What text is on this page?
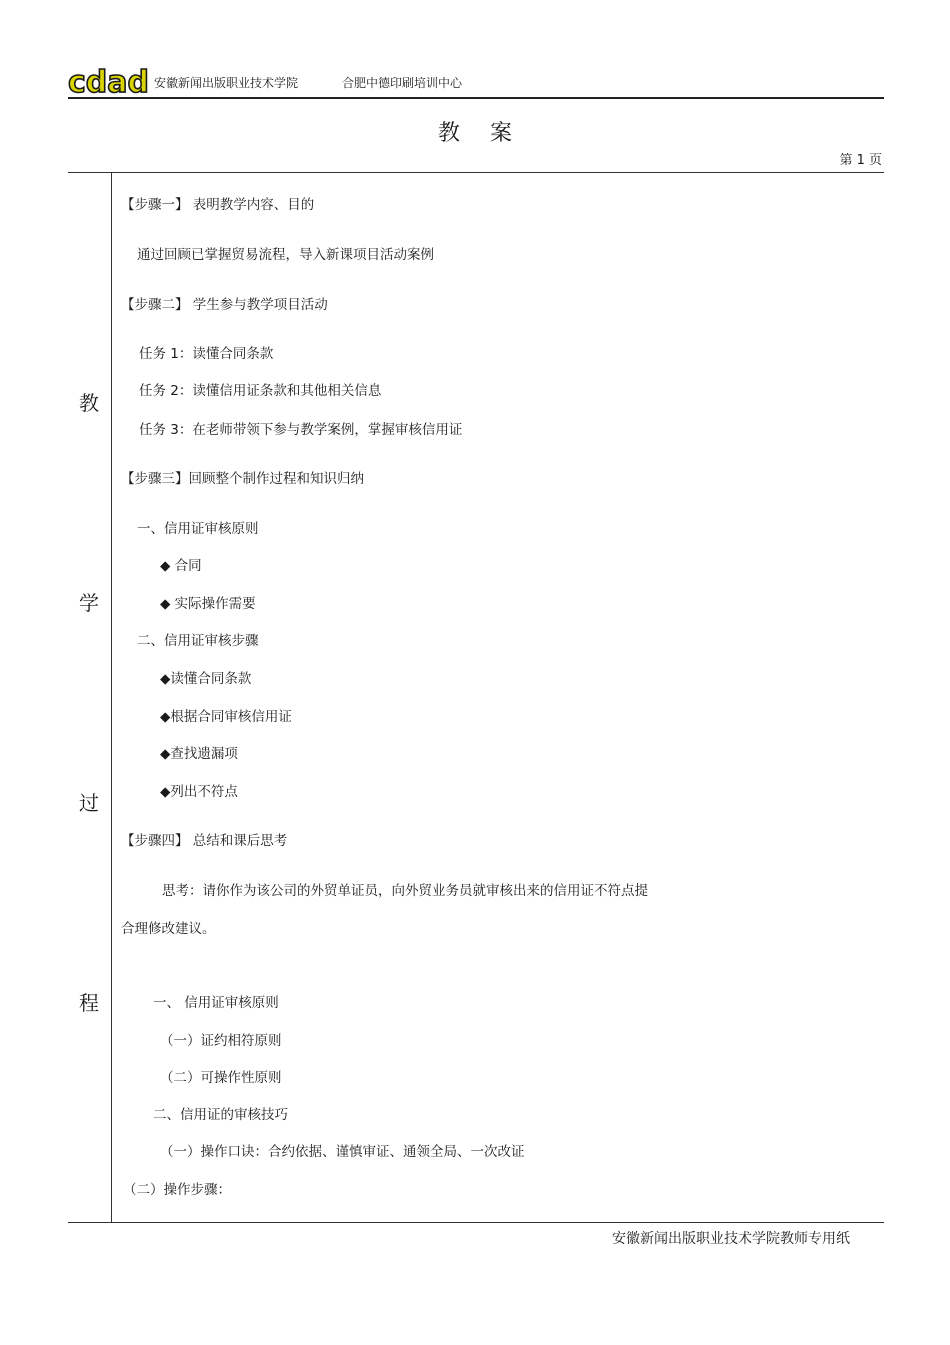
cdad 安徽新闻出版职业技术学院	合肥中德印刷培训中心
教案
第 1 页
教
学
过
程
【步骤一】 表明教学内容、目的
通过回顾已掌握贸易流程，导入新课项目活动案例
【步骤二】 学生参与教学项目活动
任务 1：读懂合同条款
任务 2：读懂信用证条款和其他相关信息
任务 3：在老师带领下参与教学案例，掌握审核信用证
【步骤三】回顾整个制作过程和知识归纳
一、信用证审核原则
◆ 合同
◆ 实际操作需要
二、信用证审核步骤
◆读懂合同条款
◆根据合同审核信用证
◆查找遗漏项
◆列出不符点
【步骤四】 总结和课后思考
思考：请你作为该公司的外贸单证员，向外贸业务员就审核出来的信用证不符点提
合理修改建议。
一、 信用证审核原则
（一）证约相符原则
（二）可操作性原则
二、信用证的审核技巧
（一）操作口诀：合约依据、谨慎审证、通领全局、一次改证
（二）操作步骤：
安徽新闻出版职业技术学院教师专用纸
